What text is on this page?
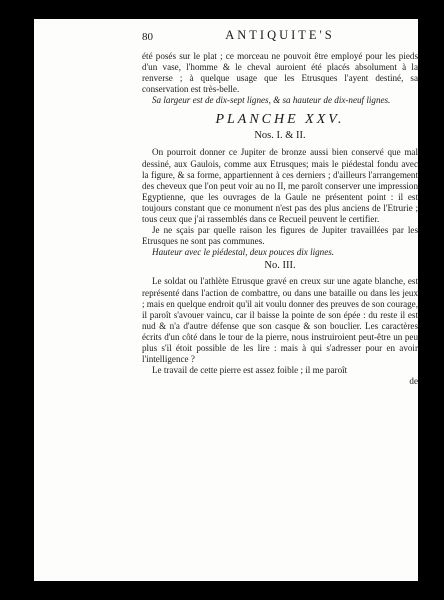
80	ANTIQUITE'S

été posés sur le plat ; ce morceau ne pouvoit être employé pour les pieds d'un vase, l'homme & le cheval auroient été placés absolument à la renverse ; à quelque usage que les Etrusques l'ayent destiné, sa conservation est très-belle.

Sa largeur est de dix-sept lignes, & sa hauteur de dix-neuf lignes.

PLANCHE XXV.
Nos. I. & II.

On pourroit donner ce Jupiter de bronze aussi bien conservé que mal dessiné, aux Gaulois, comme aux Etrusques; mais le piédestal fondu avec la figure, & sa forme, appartiennent à ces derniers ; d'ailleurs l'arrangement des cheveux que l'on peut voir au no II, me paroît conserver une impression Egyptienne, que les ouvrages de la Gaule ne présentent point : il est toujours constant que ce monument n'est pas des plus anciens de l'Etrurie ; tous ceux que j'ai rassemblés dans ce Recueil peuvent le certifier.

Je ne sçais par quelle raison les figures de Jupiter travaillées par les Etrusques ne sont pas communes.

Hauteur avec le piédestal, deux pouces dix lignes.

No. III.

Le soldat ou l'athlète Etrusque gravé en creux sur une agate blanche, est représenté dans l'action de combattre, ou dans une bataille ou dans les jeux ; mais en quelque endroit qu'il ait voulu donner des preuves de son courage, il paroît s'avouer vaincu, car il baisse la pointe de son épée : du reste il est nud & n'a d'autre défense que son casque & son bouclier. Les caractères écrits d'un côté dans le tour de la pierre, nous instruiroient peut-être un peu plus s'il étoit possible de les lire : mais à qui s'adresser pour en avoir l'intelligence ?

Le travail de cette pierre est assez foible ; il me paroît

de
